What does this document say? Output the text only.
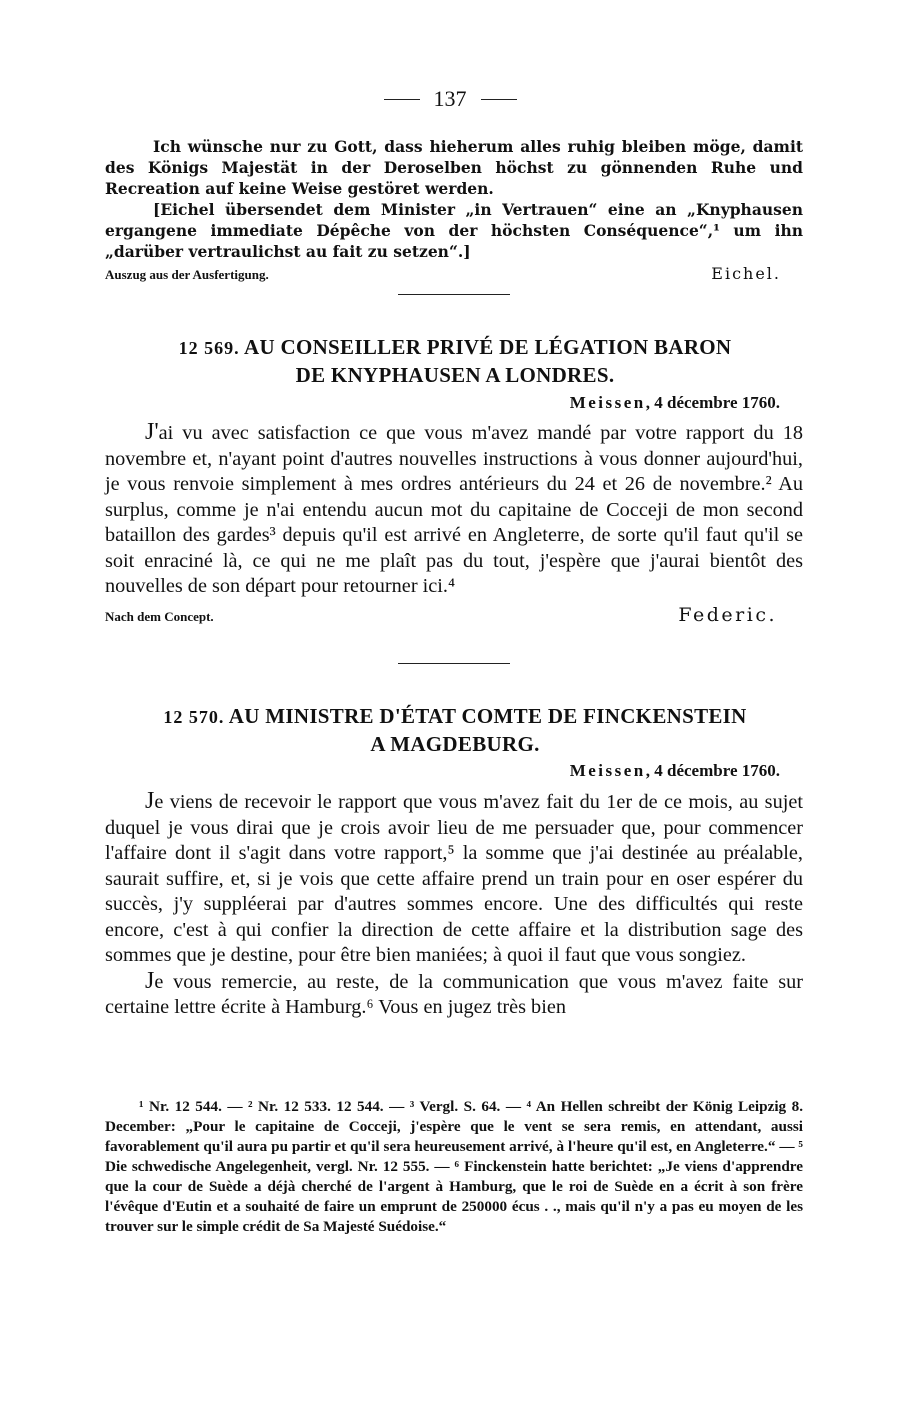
137

Ich wünsche nur zu Gott, dass hieherum alles ruhig bleiben möge, damit des Königs Majestät in der Deroselben höchst zu gönnenden Ruhe und Recreation auf keine Weise gestöret werden.

[Eichel übersendet dem Minister „in Vertrauen“ eine an „Knyphausen ergangene immediate Dépêche von der höchsten Conséquence“,¹ um ihn „darüber vertraulichst au fait zu setzen“.]

Auszug aus der Ausfertigung.	Eichel.
12 569. AU CONSEILLER PRIVÉ DE LÉGATION BARON
DE KNYPHAUSEN A LONDRES.
Meissen, 4 décembre 1760.

J'ai vu avec satisfaction ce que vous m'avez mandé par votre rapport du 18 novembre et, n'ayant point d'autres nouvelles instructions à vous donner aujourd'hui, je vous renvoie simplement à mes ordres antérieurs du 24 et 26 de novembre.² Au surplus, comme je n'ai entendu aucun mot du capitaine de Cocceji de mon second bataillon des gardes³ depuis qu'il est arrivé en Angleterre, de sorte qu'il faut qu'il se soit enraciné là, ce qui ne me plaît pas du tout, j'espère que j'aurai bientôt des nouvelles de son départ pour retourner ici.⁴

Nach dem Concept.	Federic.
12 570. AU MINISTRE D'ÉTAT COMTE DE FINCKENSTEIN
A MAGDEBURG.
Meissen, 4 décembre 1760.

Je viens de recevoir le rapport que vous m'avez fait du 1er de ce mois, au sujet duquel je vous dirai que je crois avoir lieu de me persuader que, pour commencer l'affaire dont il s'agit dans votre rapport,⁵ la somme que j'ai destinée au préalable, saurait suffire, et, si je vois que cette affaire prend un train pour en oser espérer du succès, j'y suppléerai par d'autres sommes encore. Une des difficultés qui reste encore, c'est à qui confier la direction de cette affaire et la distribution sage des sommes que je destine, pour être bien maniées; à quoi il faut que vous songiez.

Je vous remercie, au reste, de la communication que vous m'avez faite sur certaine lettre écrite à Hamburg.⁶ Vous en jugez très bien

¹ Nr. 12 544. — ² Nr. 12 533. 12 544. — ³ Vergl. S. 64. — ⁴ An Hellen schreibt der König Leipzig 8. December: „Pour le capitaine de Cocceji, j'espère que le vent se sera remis, en attendant, aussi favorablement qu'il aura pu partir et qu'il sera heureusement arrivé, à l'heure qu'il est, en Angleterre.“ — ⁵ Die schwedische Angelegenheit, vergl. Nr. 12 555. — ⁶ Finckenstein hatte berichtet: „Je viens d'apprendre que la cour de Suède a déjà cherché de l'argent à Hamburg, que le roi de Suède en a écrit à son frère l'évêque d'Eutin et a souhaité de faire un emprunt de 250000 écus . ., mais qu'il n'y a pas eu moyen de les trouver sur le simple crédit de Sa Majesté Suédoise.“
